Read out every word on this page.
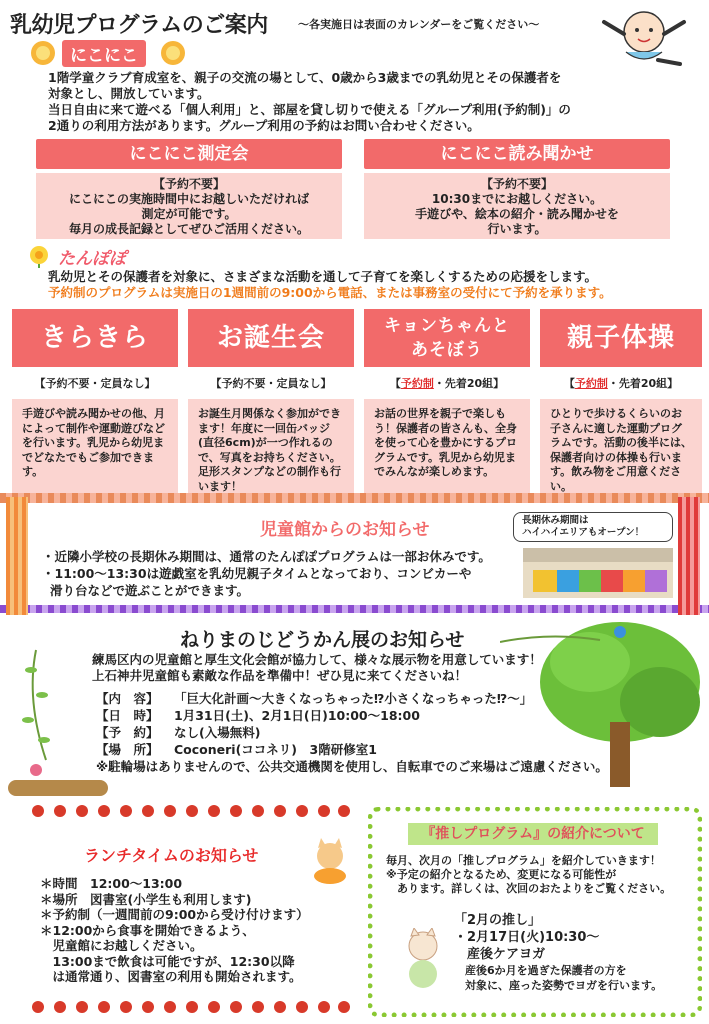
乳幼児プログラムのご案内	〜各実施日は表面のカレンダーをご覧ください〜
にこにこ
1階学童クラブ育成室を、親子の交流の場として、0歳から3歳までの乳幼児とその保護者を
対象とし、開放しています。
当日自由に来て遊べる「個人利用」と、部屋を貸し切りで使える「グループ利用(予約制)」の
2通りの利用方法があります。グループ利用の予約はお問い合わせください。
にこにこ測定会
【予約不要】
にこにこの実施時間中にお越しいただければ
測定が可能です。
毎月の成長記録としてぜひご活用ください。
にこにこ読み聞かせ
【予約不要】
10:30までにお越しください。
手遊びや、絵本の紹介・読み聞かせを
行います。
たんぽぽ
乳幼児とその保護者を対象に、さまざまな活動を通して子育てを楽しくするための応援をします。
予約制のプログラムは実施日の1週間前の9:00から電話、または事務室の受付にて予約を承ります。
きらきら
【予約不要・定員なし】
手遊びや読み聞かせの他、月によって制作や運動遊びなどを行います。乳児から幼児までどなたでもご参加できます。
お誕生会
【予約不要・定員なし】
お誕生月関係なく参加ができます！年度に一回缶バッジ(直径6cm)が一つ作れるので、写真をお持ちください。足形スタンプなどの制作も行います！
キョンちゃんと
あそぼう
【予約制・先着20組】
お話の世界を親子で楽しもう！保護者の皆さんも、全身を使って心を豊かにするプログラムです。乳児から幼児までみんなが楽しめます。
親子体操
【予約制・先着20組】
ひとりで歩けるくらいのお子さんに適した運動プログラムです。活動の後半には、保護者向けの体操も行います。飲み物をご用意ください。
児童館からのお知らせ	長期休み期間は
ハイハイエリアもオープン！
・近隣小学校の長期休み期間は、通常のたんぽぽプログラムは一部お休みです。
・11:00〜13:30は遊戯室を乳幼児親子タイムとなっており、コンビカーや
滑り台などで遊ぶことができます。
ねりまのじどうかん展のお知らせ
練馬区内の児童館と厚生文化会館が協力して、様々な展示物を用意しています！
上石神井児童館も素敵な作品を準備中！ぜひ見に来てくださいね！
【内　容】	「巨大化計画〜大きくなっちゃった⁉小さくなっちゃった⁉〜」
【日　時】	1月31日(土)、2月1日(日)10:00〜18:00
【予　約】	なし(入場無料)
【場　所】	Coconeri(ココネリ)　3階研修室1
※駐輪場はありませんので、公共交通機関を使用し、自転車でのご来場はご遠慮ください。
ランチタイムのお知らせ
＊時間　12:00〜13:00
＊場所　図書室(小学生も利用します)
＊予約制（一週間前の9:00から受け付けます）
＊12:00から食事を開始できるよう、
　児童館にお越しください。
　13:00まで飲食は可能ですが、12:30以降
　は通常通り、図書室の利用も開始されます。
『推しプログラム』の紹介について
毎月、次月の「推しプログラム」を紹介していきます！
※予定の紹介となるため、変更になる可能性が
　あります。詳しくは、次回のおたよりをご覧ください。
「2月の推し」
・2月17日(火)10:30〜
　産後ケアヨガ
　産後6か月を過ぎた保護者の方を
　対象に、座った姿勢でヨガを行います。
